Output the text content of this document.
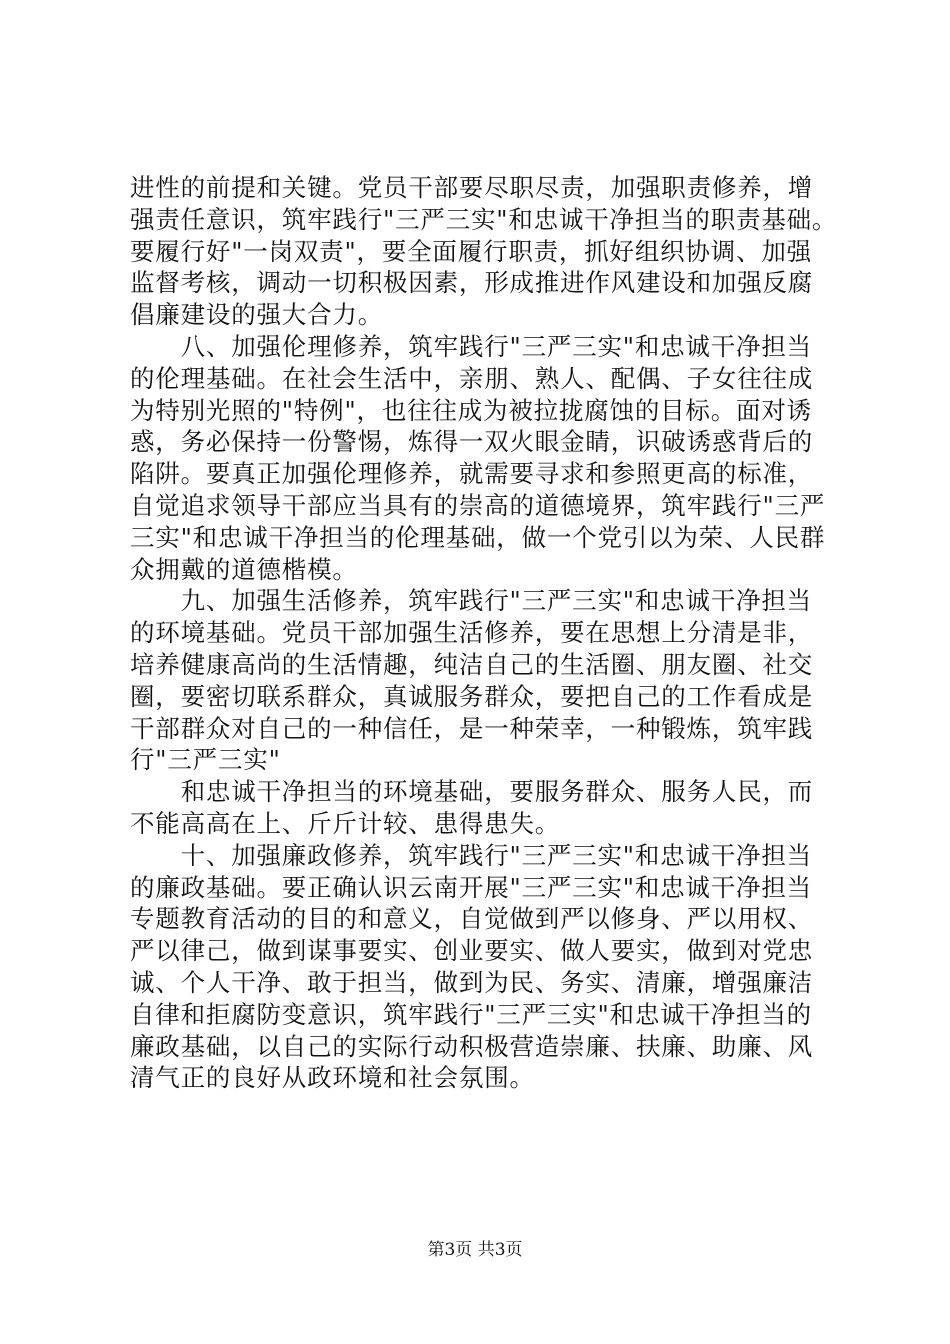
进性的前提和关键。党员干部要尽职尽责，加强职责修养，增
强责任意识，筑牢践行"三严三实"和忠诚干净担当的职责基础。
要履行好"一岗双责"，要全面履行职责，抓好组织协调、加强
监督考核，调动一切积极因素，形成推进作风建设和加强反腐
倡廉建设的强大合力。
　　八、加强伦理修养，筑牢践行"三严三实"和忠诚干净担当
的伦理基础。在社会生活中，亲朋、熟人、配偶、子女往往成
为特别光照的"特例"，也往往成为被拉拢腐蚀的目标。面对诱
惑，务必保持一份警惕，炼得一双火眼金睛，识破诱惑背后的
陷阱。要真正加强伦理修养，就需要寻求和参照更高的标准，
自觉追求领导干部应当具有的崇高的道德境界，筑牢践行"三严
三实"和忠诚干净担当的伦理基础，做一个党引以为荣、人民群
众拥戴的道德楷模。
　　九、加强生活修养，筑牢践行"三严三实"和忠诚干净担当
的环境基础。党员干部加强生活修养，要在思想上分清是非，
培养健康高尚的生活情趣，纯洁自己的生活圈、朋友圈、社交
圈，要密切联系群众，真诚服务群众，要把自己的工作看成是
干部群众对自己的一种信任，是一种荣幸，一种锻炼，筑牢践
行"三严三实"
　　和忠诚干净担当的环境基础，要服务群众、服务人民，而
不能高高在上、斤斤计较、患得患失。
　　十、加强廉政修养，筑牢践行"三严三实"和忠诚干净担当
的廉政基础。要正确认识云南开展"三严三实"和忠诚干净担当
专题教育活动的目的和意义，自觉做到严以修身、严以用权、
严以律己，做到谋事要实、创业要实、做人要实，做到对党忠
诚、个人干净、敢于担当，做到为民、务实、清廉，增强廉洁
自律和拒腐防变意识，筑牢践行"三严三实"和忠诚干净担当的
廉政基础，以自己的实际行动积极营造崇廉、扶廉、助廉、风
清气正的良好从政环境和社会氛围。
第3页 共3页
